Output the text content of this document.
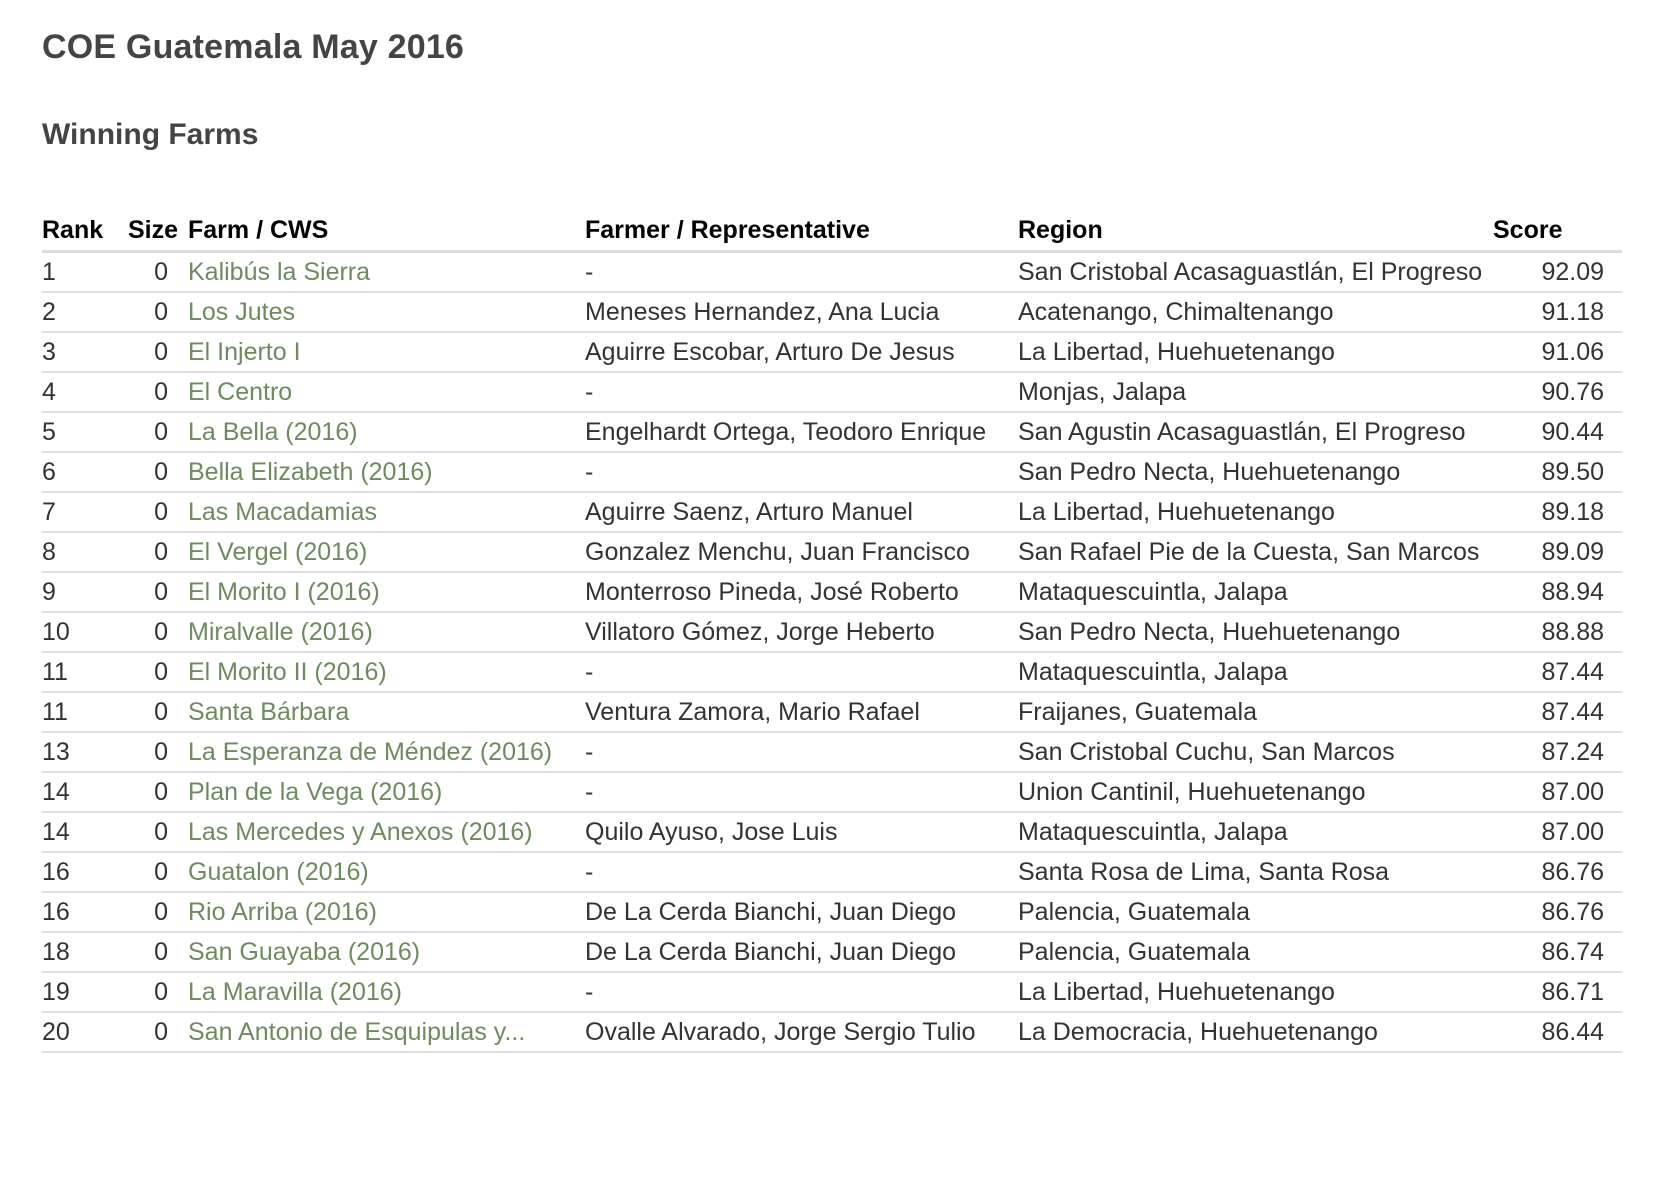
COE Guatemala May 2016
Winning Farms
Rank	Size	Farm / CWS	Farmer / Representative	Region	Score
1	0	Kalibús la Sierra	-	San Cristobal Acasaguastlán, El Progreso	92.09
2	0	Los Jutes	Meneses Hernandez, Ana Lucia	Acatenango, Chimaltenango	91.18
3	0	El Injerto I	Aguirre Escobar, Arturo De Jesus	La Libertad, Huehuetenango	91.06
4	0	El Centro	-	Monjas, Jalapa	90.76
5	0	La Bella (2016)	Engelhardt Ortega, Teodoro Enrique	San Agustin Acasaguastlán, El Progreso	90.44
6	0	Bella Elizabeth (2016)	-	San Pedro Necta, Huehuetenango	89.50
7	0	Las Macadamias	Aguirre Saenz, Arturo Manuel	La Libertad, Huehuetenango	89.18
8	0	El Vergel (2016)	Gonzalez Menchu, Juan Francisco	San Rafael Pie de la Cuesta, San Marcos	89.09
9	0	El Morito I (2016)	Monterroso Pineda, José Roberto	Mataquescuintla, Jalapa	88.94
10	0	Miralvalle (2016)	Villatoro Gómez, Jorge Heberto	San Pedro Necta, Huehuetenango	88.88
11	0	El Morito II (2016)	-	Mataquescuintla, Jalapa	87.44
11	0	Santa Bárbara	Ventura Zamora, Mario Rafael	Fraijanes, Guatemala	87.44
13	0	La Esperanza de Méndez (2016)	-	San Cristobal Cuchu, San Marcos	87.24
14	0	Plan de la Vega (2016)	-	Union Cantinil, Huehuetenango	87.00
14	0	Las Mercedes y Anexos (2016)	Quilo Ayuso, Jose Luis	Mataquescuintla, Jalapa	87.00
16	0	Guatalon (2016)	-	Santa Rosa de Lima, Santa Rosa	86.76
16	0	Rio Arriba (2016)	De La Cerda Bianchi, Juan Diego	Palencia, Guatemala	86.76
18	0	San Guayaba (2016)	De La Cerda Bianchi, Juan Diego	Palencia, Guatemala	86.74
19	0	La Maravilla (2016)	-	La Libertad, Huehuetenango	86.71
20	0	San Antonio de Esquipulas y...	Ovalle Alvarado, Jorge Sergio Tulio	La Democracia, Huehuetenango	86.44
